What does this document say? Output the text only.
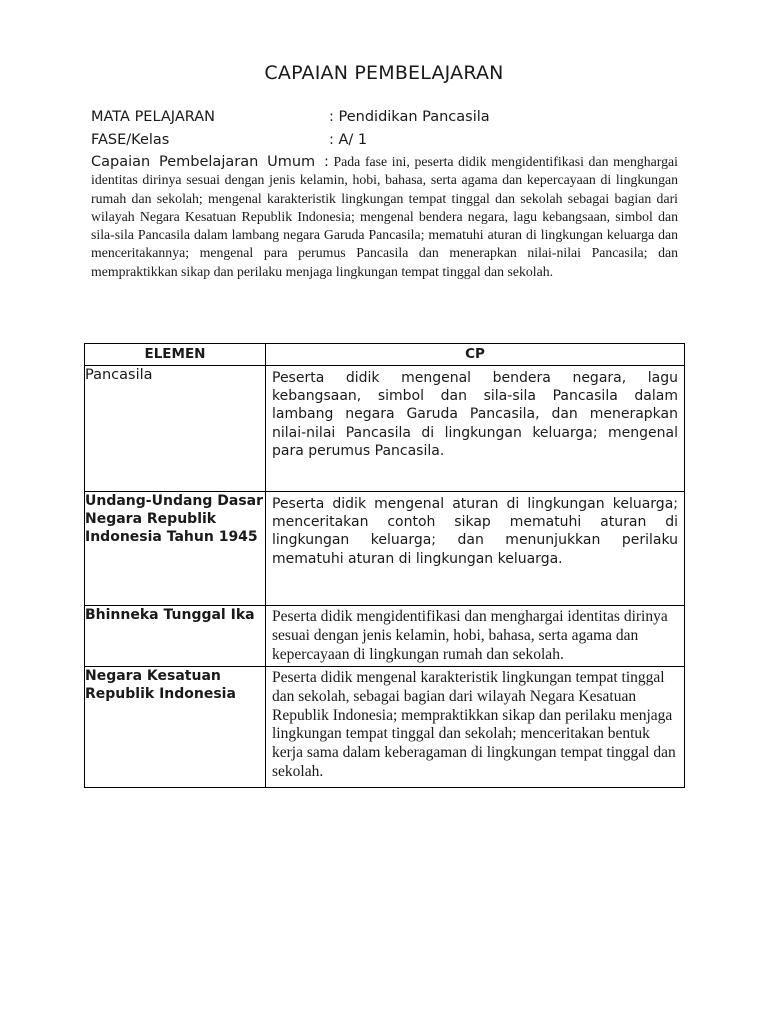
CAPAIAN PEMBELAJARAN
MATA PELAJARAN	: Pendidikan Pancasila
FASE/Kelas	: A/ 1
Capaian Pembelajaran Umum : Pada fase ini, peserta didik mengidentifikasi dan menghargai identitas dirinya sesuai dengan jenis kelamin, hobi, bahasa, serta agama dan kepercayaan di lingkungan rumah dan sekolah; mengenal karakteristik lingkungan tempat tinggal dan sekolah sebagai bagian dari wilayah Negara Kesatuan Republik Indonesia; mengenal bendera negara, lagu kebangsaan, simbol dan sila-sila Pancasila dalam lambang negara Garuda Pancasila; mematuhi aturan di lingkungan keluarga dan menceritakannya; mengenal para perumus Pancasila dan menerapkan nilai-nilai Pancasila; dan mempraktikkan sikap dan perilaku menjaga lingkungan tempat tinggal dan sekolah.
ELEMEN	CP

Pancasila	Peserta didik mengenal bendera negara, lagu kebangsaan, simbol dan sila-sila Pancasila dalam lambang negara Garuda Pancasila, dan menerapkan nilai-nilai Pancasila di lingkungan keluarga; mengenal para perumus Pancasila.

Undang-Undang Dasar Negara Republik Indonesia Tahun 1945	Peserta didik mengenal aturan di lingkungan keluarga; menceritakan contoh sikap mematuhi aturan di lingkungan keluarga; dan menunjukkan perilaku mematuhi aturan di lingkungan keluarga.

Bhinneka Tunggal Ika	Peserta didik mengidentifikasi dan menghargai identitas dirinya sesuai dengan jenis kelamin, hobi, bahasa, serta agama dan kepercayaan di lingkungan rumah dan sekolah.

Negara Kesatuan Republik Indonesia	Peserta didik mengenal karakteristik lingkungan tempat tinggal dan sekolah, sebagai bagian dari wilayah Negara Kesatuan Republik Indonesia; mempraktikkan sikap dan perilaku menjaga lingkungan tempat tinggal dan sekolah; menceritakan bentuk kerja sama dalam keberagaman di lingkungan tempat tinggal dan sekolah.
